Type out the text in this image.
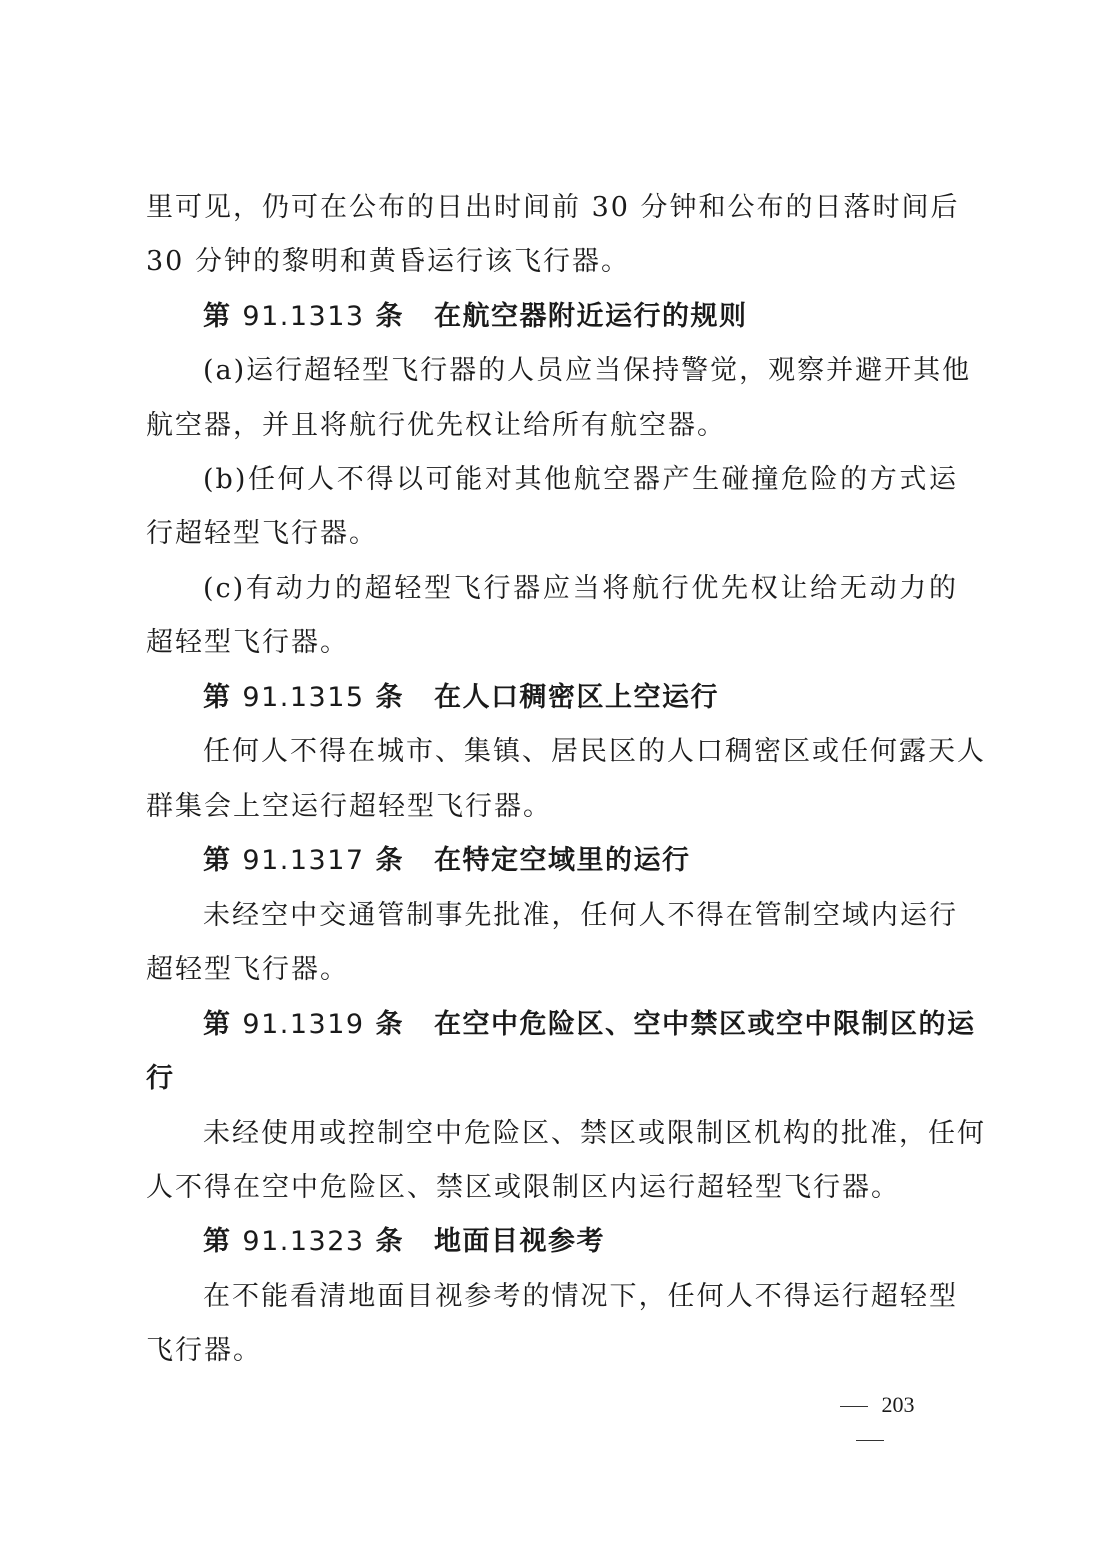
里可见，仍可在公布的日出时间前 30 分钟和公布的日落时间后
30 分钟的黎明和黄昏运行该飞行器。
第 91.1313 条 在航空器附近运行的规则
(a)运行超轻型飞行器的人员应当保持警觉，观察并避开其他
航空器，并且将航行优先权让给所有航空器。
(b)任何人不得以可能对其他航空器产生碰撞危险的方式运
行超轻型飞行器。
(c)有动力的超轻型飞行器应当将航行优先权让给无动力的
超轻型飞行器。
第 91.1315 条 在人口稠密区上空运行
任何人不得在城市、集镇、居民区的人口稠密区或任何露天人
群集会上空运行超轻型飞行器。
第 91.1317 条 在特定空域里的运行
未经空中交通管制事先批准，任何人不得在管制空域内运行
超轻型飞行器。
第 91.1319 条 在空中危险区、空中禁区或空中限制区的运
行
未经使用或控制空中危险区、禁区或限制区机构的批准，任何
人不得在空中危险区、禁区或限制区内运行超轻型飞行器。
第 91.1323 条 地面目视参考
在不能看清地面目视参考的情况下，任何人不得运行超轻型
飞行器。
203
